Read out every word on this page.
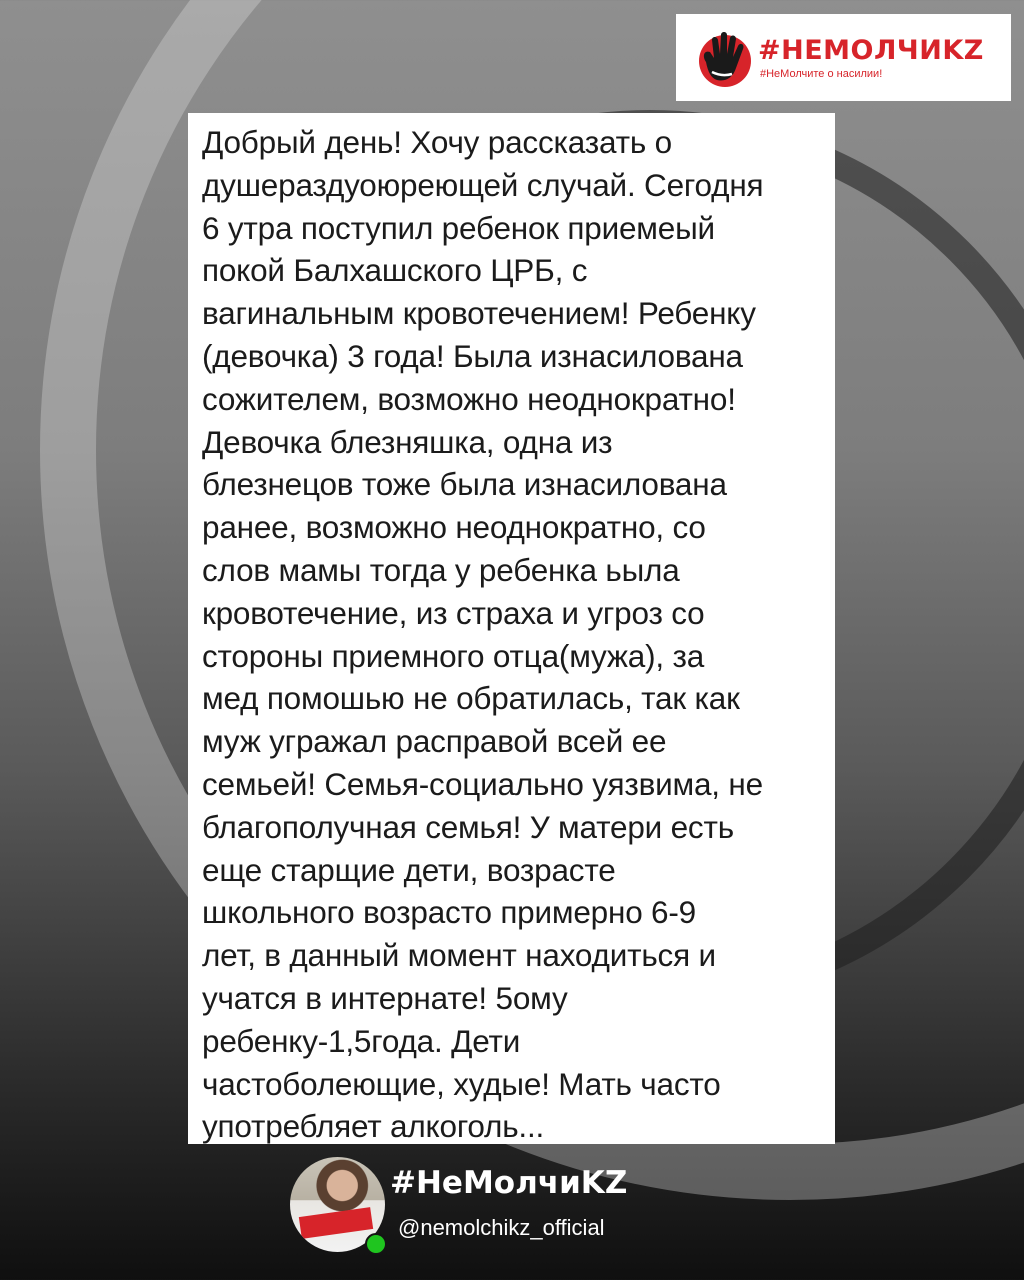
#НЕМОЛЧИKZ
#НеМолчите о насилии!

Добрый день! Хочу рассказать о
душераздуоюреющей случай. Сегодня
6 утра поступил ребенок приемеый
покой Балхашского ЦРБ, с
вагинальным кровотечением! Ребенку
(девочка) 3 года! Была изнасилована
сожителем, возможно неоднократно!
Девочка блезняшка, одна из
блезнецов тоже была изнасилована
ранее, возможно неоднократно, со
слов мамы тогда у ребенка ьыла
кровотечение, из страха и угроз со
стороны приемного отца(мужа), за
мед помошью не обратилась, так как
муж угражал расправой всей ее
семьей! Семья-социально уязвима, не
благополучная семья! У матери есть
еще старщие дети, возрасте
школьного возрасто примерно 6-9
лет, в данный момент находиться и
учатся в интернате! 5ому
ребенку-1,5года. Дети
частоболеющие, худые! Мать часто
употребляет алкоголь...

#НеМолчиKZ
@nemolchikz_official
